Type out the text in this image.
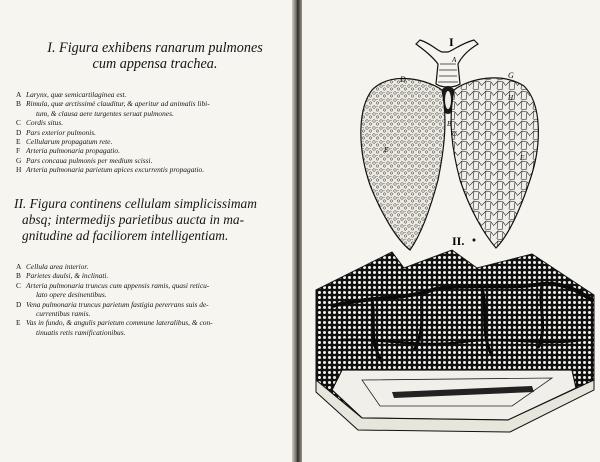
I. Figura exhibens ranarum pulmones
cum appensa trachea.
A Larynx, quæ semicartilaginea est.
B Rimula, quæ arctissimè clauditur, & aperitur ad animalis libi-
tum, & clausa aere turgentes seruat pulmones.
C Cordis situs.
D Pars exterior pulmonis.
E Cellularum propagatum rete.
F Arteria pulmonaria propagatio.
G Pars concaua pulmonis per medium scissi.
H Arteria pulmonaria parietum apices excurrentis propagatio.
II. Figura continens cellulam simplicissimam
absq; intermedijs parietibus aucta in ma-
gnitudine ad faciliorem intelligentiam.
A Cellula area interior.
B Parietes duulsi, & inclinati.
C Arteria pulmonaria truncus cum appensis ramis, quasi reticu-
lato opere desinentibus.
D Vena pulmonaria truncus parietum fastigia pererrans suis de-
currentibus ramis.
E Vas in fundo, & angulis parietum commune lateralibus, & con-
tinuatis retis ramificationibus.
I
D
A
G
H
B
C
E
F
II.
